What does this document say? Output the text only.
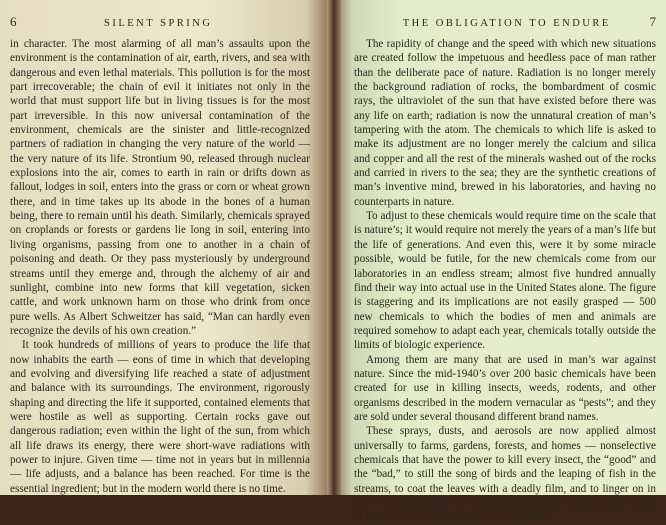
6	SILENT SPRING

in character. The most alarming of all man’s assaults upon the environment is the contamination of air, earth, rivers, and sea with dangerous and even lethal materials. This pollution is for the most part irrecoverable; the chain of evil it initiates not only in the world that must support life but in living tissues is for the most part irreversible. In this now universal contamination of the environment, chemicals are the sinister and little-recognized partners of radiation in changing the very nature of the world — the very nature of its life. Strontium 90, released through nuclear explosions into the air, comes to earth in rain or drifts down as fallout, lodges in soil, enters into the grass or corn or wheat grown there, and in time takes up its abode in the bones of a human being, there to remain until his death. Similarly, chemicals sprayed on croplands or forests or gardens lie long in soil, entering into living organisms, passing from one to another in a chain of poisoning and death. Or they pass mysteriously by underground streams until they emerge and, through the alchemy of air and sunlight, combine into new forms that kill vegetation, sicken cattle, and work unknown harm on those who drink from once pure wells. As Albert Schweitzer has said, “Man can hardly even recognize the devils of his own creation.”

It took hundreds of millions of years to produce the life that now inhabits the earth — eons of time in which that developing and evolving and diversifying life reached a state of adjustment and balance with its surroundings. The environment, rigorously shaping and directing the life it supported, contained elements that were hostile as well as supporting. Certain rocks gave out dangerous radiation; even within the light of the sun, from which all life draws its energy, there were short-wave radiations with power to injure. Given time — time not in years but in millennia — life adjusts, and a balance has been reached. For time is the essential ingredient; but in the modern world there is no time.

THE OBLIGATION TO ENDURE	7

The rapidity of change and the speed with which new situations are created follow the impetuous and heedless pace of man rather than the deliberate pace of nature. Radiation is no longer merely the background radiation of rocks, the bombardment of cosmic rays, the ultraviolet of the sun that have existed before there was any life on earth; radiation is now the unnatural creation of man’s tampering with the atom. The chemicals to which life is asked to make its adjustment are no longer merely the calcium and silica and copper and all the rest of the minerals washed out of the rocks and carried in rivers to the sea; they are the synthetic creations of man’s inventive mind, brewed in his laboratories, and having no counterparts in nature.

To adjust to these chemicals would require time on the scale that is nature’s; it would require not merely the years of a man’s life but the life of generations. And even this, were it by some miracle possible, would be futile, for the new chemicals come from our laboratories in an endless stream; almost five hundred annually find their way into actual use in the United States alone. The figure is staggering and its implications are not easily grasped — 500 new chemicals to which the bodies of men and animals are required somehow to adapt each year, chemicals totally outside the limits of biologic experience.

Among them are many that are used in man’s war against nature. Since the mid-1940’s over 200 basic chemicals have been created for use in killing insects, weeds, rodents, and other organisms described in the modern vernacular as “pests”; and they are sold under several thousand different brand names.

These sprays, dusts, and aerosols are now applied almost universally to farms, gardens, forests, and homes — nonselective chemicals that have the power to kill every insect, the “good” and the “bad,” to still the song of birds and the leaping of fish in the streams, to coat the leaves with a deadly film, and to linger on in soil — all this though the intended target may be only a few weeds or insects. Can anyone believe it is possible
